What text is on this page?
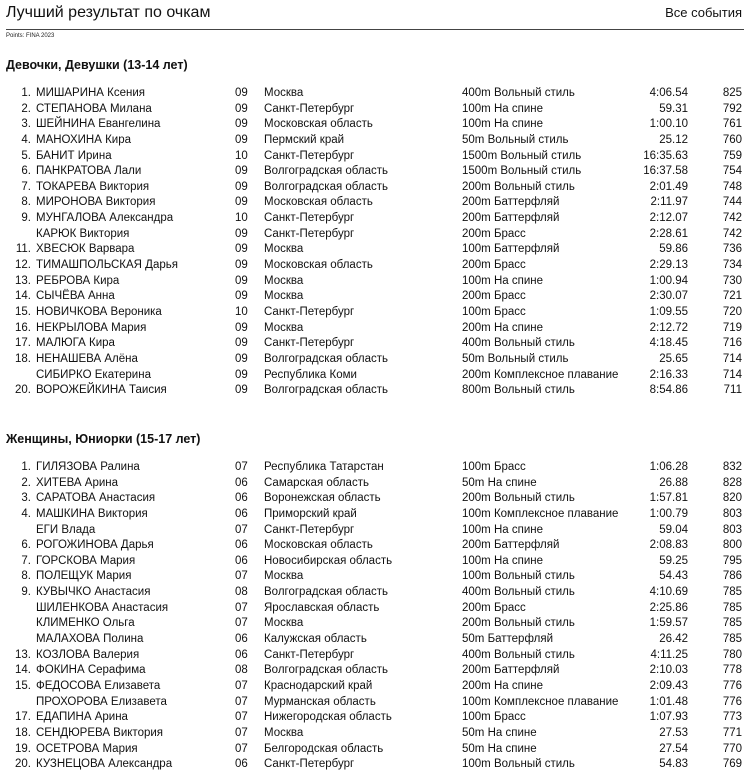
Лучший результат по очкам	Все события
Points: FINA 2023
Девочки, Девушки (13-14 лет)
1. МИШАРИНА Ксения	09 Москва	400m Вольный стиль	4:06.54	825
2. СТЕПАНОВА Милана	09 Санкт-Петербург	100m На спине	59.31	792
3. ШЕЙНИНА Евангелина	09 Московская область	100m На спине	1:00.10	761
4. МАНОХИНА Кира	09 Пермский край	50m Вольный стиль	25.12	760
5. БАНИТ Ирина	10 Санкт-Петербург	1500m Вольный стиль	16:35.63	759
6. ПАНКРАТОВА Лали	09 Волгоградская область	1500m Вольный стиль	16:37.58	754
7. ТОКАРЕВА Виктория	09 Волгоградская область	200m Вольный стиль	2:01.49	748
8. МИРОНОВА Виктория	09 Московская область	200m Баттерфляй	2:11.97	744
9. МУНГАЛОВА Александра	10 Санкт-Петербург	200m Баттерфляй	2:12.07	742
КАРЮК Виктория	09 Санкт-Петербург	200m Брасс	2:28.61	742
11. ХВЕСЮК Варвара	09 Москва	100m Баттерфляй	59.86	736
12. ТИМАШПОЛЬСКАЯ Дарья	09 Московская область	200m Брасс	2:29.13	734
13. РЕБРОВА Кира	09 Москва	100m На спине	1:00.94	730
14. СЫЧЁВА Анна	09 Москва	200m Брасс	2:30.07	721
15. НОВИЧКОВА Вероника	10 Санкт-Петербург	100m Брасс	1:09.55	720
16. НЕКРЫЛОВА Мария	09 Москва	200m На спине	2:12.72	719
17. МАЛЮГА Кира	09 Санкт-Петербург	400m Вольный стиль	4:18.45	716
18. НЕНАШЕВА Алёна	09 Волгоградская область	50m Вольный стиль	25.65	714
СИБИРКО Екатерина	09 Республика Коми	200m Комплексное плавание	2:16.33	714
20. ВОРОЖЕЙКИНА Таисия	09 Волгоградская область	800m Вольный стиль	8:54.86	711
Женщины, Юниорки (15-17 лет)
1. ГИЛЯЗОВА Ралина	07 Республика Татарстан	100m Брасс	1:06.28	832
2. ХИТЕВА Арина	06 Самарская область	50m На спине	26.88	828
3. САРАТОВА Анастасия	06 Воронежская область	200m Вольный стиль	1:57.81	820
4. МАШКИНА Виктория	06 Приморский край	100m Комплексное плавание	1:00.79	803
ЕГИ Влада	07 Санкт-Петербург	100m На спине	59.04	803
6. РОГОЖИНОВА Дарья	06 Московская область	200m Баттерфляй	2:08.83	800
7. ГОРСКОВА Мария	06 Новосибирская область	100m На спине	59.25	795
8. ПОЛЕЩУК Мария	07 Москва	100m Вольный стиль	54.43	786
9. КУВЫЧКО Анастасия	08 Волгоградская область	400m Вольный стиль	4:10.69	785
ШИЛЕНКОВА Анастасия	07 Ярославская область	200m Брасс	2:25.86	785
КЛИМЕНКО Ольга	07 Москва	200m Вольный стиль	1:59.57	785
МАЛАХОВА Полина	06 Калужская область	50m Баттерфляй	26.42	785
13. КОЗЛОВА Валерия	06 Санкт-Петербург	400m Вольный стиль	4:11.25	780
14. ФОКИНА Серафима	08 Волгоградская область	200m Баттерфляй	2:10.03	778
15. ФЕДОСОВА Елизавета	07 Краснодарский край	200m На спине	2:09.43	776
ПРОХОРОВА Елизавета	07 Мурманская область	100m Комплексное плавание	1:01.48	776
17. ЕДАПИНА Арина	07 Нижегородская область	100m Брасс	1:07.93	773
18. СЕНДЮРЕВА Виктория	07 Москва	50m На спине	27.53	771
19. ОСЕТРОВА Мария	07 Белгородская область	50m На спине	27.54	770
20. КУЗНЕЦОВА Александра	06 Санкт-Петербург	100m Вольный стиль	54.83	769
